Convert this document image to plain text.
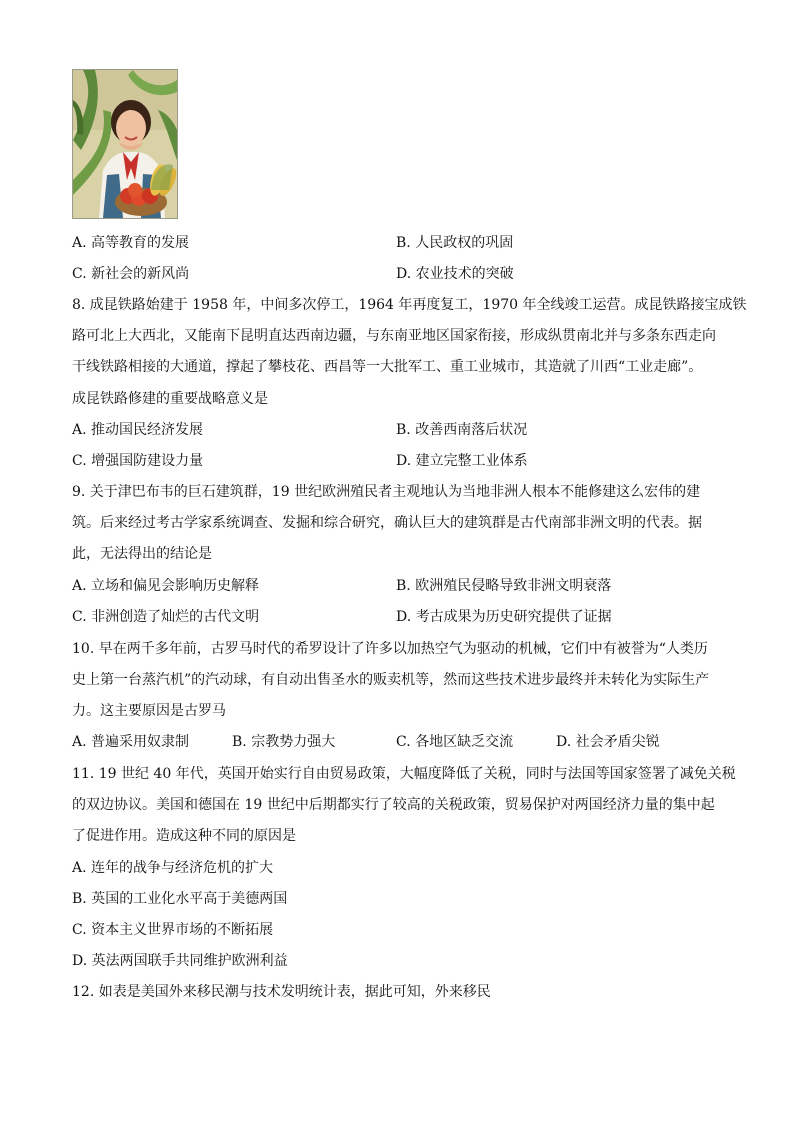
A. 高等教育的发展	B. 人民政权的巩固
C. 新社会的新风尚	D. 农业技术的突破
8. 成昆铁路始建于 1958 年，中间多次停工，1964 年再度复工，1970 年全线竣工运营。成昆铁路接宝成铁
路可北上大西北，又能南下昆明直达西南边疆，与东南亚地区国家衔接，形成纵贯南北并与多条东西走向
干线铁路相接的大通道，撑起了攀枝花、西昌等一大批军工、重工业城市，其造就了川西“工业走廊”。
成昆铁路修建的重要战略意义是
A. 推动国民经济发展	B. 改善西南落后状况
C. 增强国防建设力量	D. 建立完整工业体系
9. 关于津巴布韦的巨石建筑群，19 世纪欧洲殖民者主观地认为当地非洲人根本不能修建这么宏伟的建
筑。后来经过考古学家系统调查、发掘和综合研究，确认巨大的建筑群是古代南部非洲文明的代表。据
此，无法得出的结论是
A. 立场和偏见会影响历史解释	B. 欧洲殖民侵略导致非洲文明衰落
C. 非洲创造了灿烂的古代文明	D. 考古成果为历史研究提供了证据
10. 早在两千多年前，古罗马时代的希罗设计了许多以加热空气为驱动的机械，它们中有被誉为“人类历
史上第一台蒸汽机”的汽动球，有自动出售圣水的贩卖机等，然而这些技术进步最终并未转化为实际生产
力。这主要原因是古罗马
A. 普遍采用奴隶制	B. 宗教势力强大	C. 各地区缺乏交流	D. 社会矛盾尖锐
11. 19 世纪 40 年代，英国开始实行自由贸易政策，大幅度降低了关税，同时与法国等国家签署了减免关税
的双边协议。美国和德国在 19 世纪中后期都实行了较高的关税政策，贸易保护对两国经济力量的集中起
了促进作用。造成这种不同的原因是
A. 连年的战争与经济危机的扩大
B. 英国的工业化水平高于美德两国
C. 资本主义世界市场的不断拓展
D. 英法两国联手共同维护欧洲利益
12. 如表是美国外来移民潮与技术发明统计表，据此可知，外来移民
